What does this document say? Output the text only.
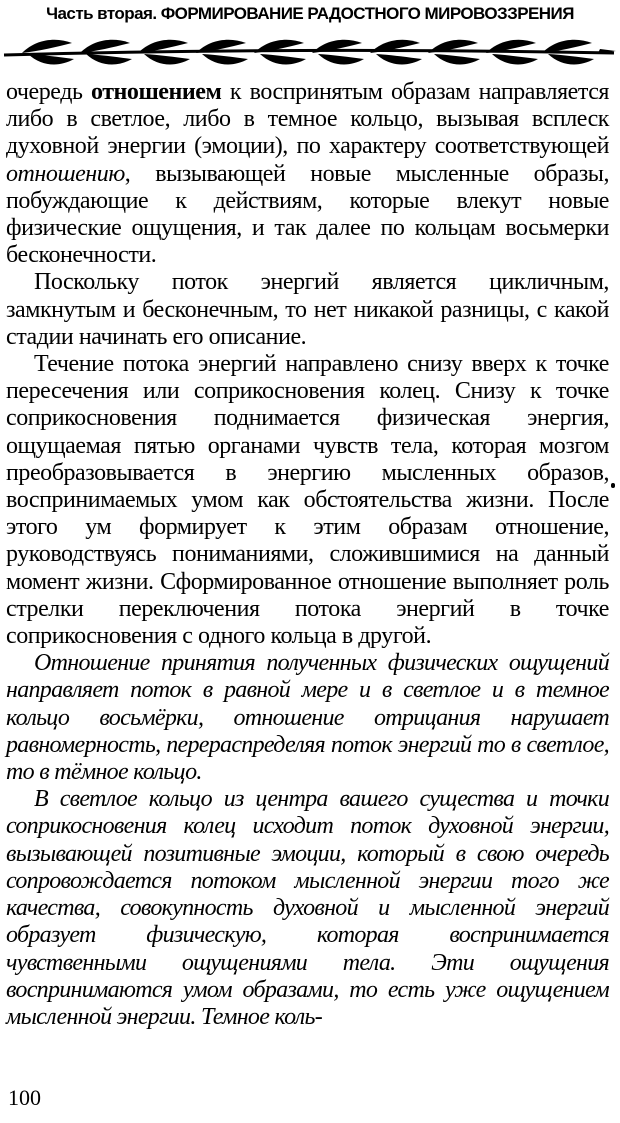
Часть вторая. ФОРМИРОВАНИЕ РАДОСТНОГО МИРОВОЗЗРЕНИЯ

очередь отношением к воспринятым образам направляется либо в светлое, либо в темное кольцо, вызывая всплеск духовной энергии (эмоции), по характеру соответствующей отношению, вызывающей новые мысленные образы, побуждающие к действиям, которые влекут новые физические ощущения, и так далее по кольцам восьмерки бесконечности.

Поскольку поток энергий является цикличным, замкнутым и бесконечным, то нет никакой разницы, с какой стадии начинать его описание.

Течение потока энергий направлено снизу вверх к точке пересечения или соприкосновения колец. Снизу к точке соприкосновения поднимается физическая энергия, ощущаемая пятью органами чувств тела, которая мозгом преобразовывается в энергию мысленных образов, воспринимаемых умом как обстоятельства жизни. После этого ум формирует к этим образам отношение, руководствуясь пониманиями, сложившимися на данный момент жизни. Сформированное отношение выполняет роль стрелки переключения потока энергий в точке соприкосновения с одного кольца в другой.

Отношение принятия полученных физических ощущений направляет поток в равной мере и в светлое и в темное кольцо восьмёрки, отношение отрицания нарушает равномерность, перераспределяя поток энергий то в светлое, то в тёмное кольцо.

В светлое кольцо из центра вашего существа и точки соприкосновения колец исходит поток духовной энергии, вызывающей позитивные эмоции, который в свою очередь сопровождается потоком мысленной энергии того же качества, совокупность духовной и мысленной энергий образует физическую, которая воспринимается чувственными ощущениями тела. Эти ощущения воспринимаются умом образами, то есть уже ощущением мысленной энергии. Темное коль-

100
